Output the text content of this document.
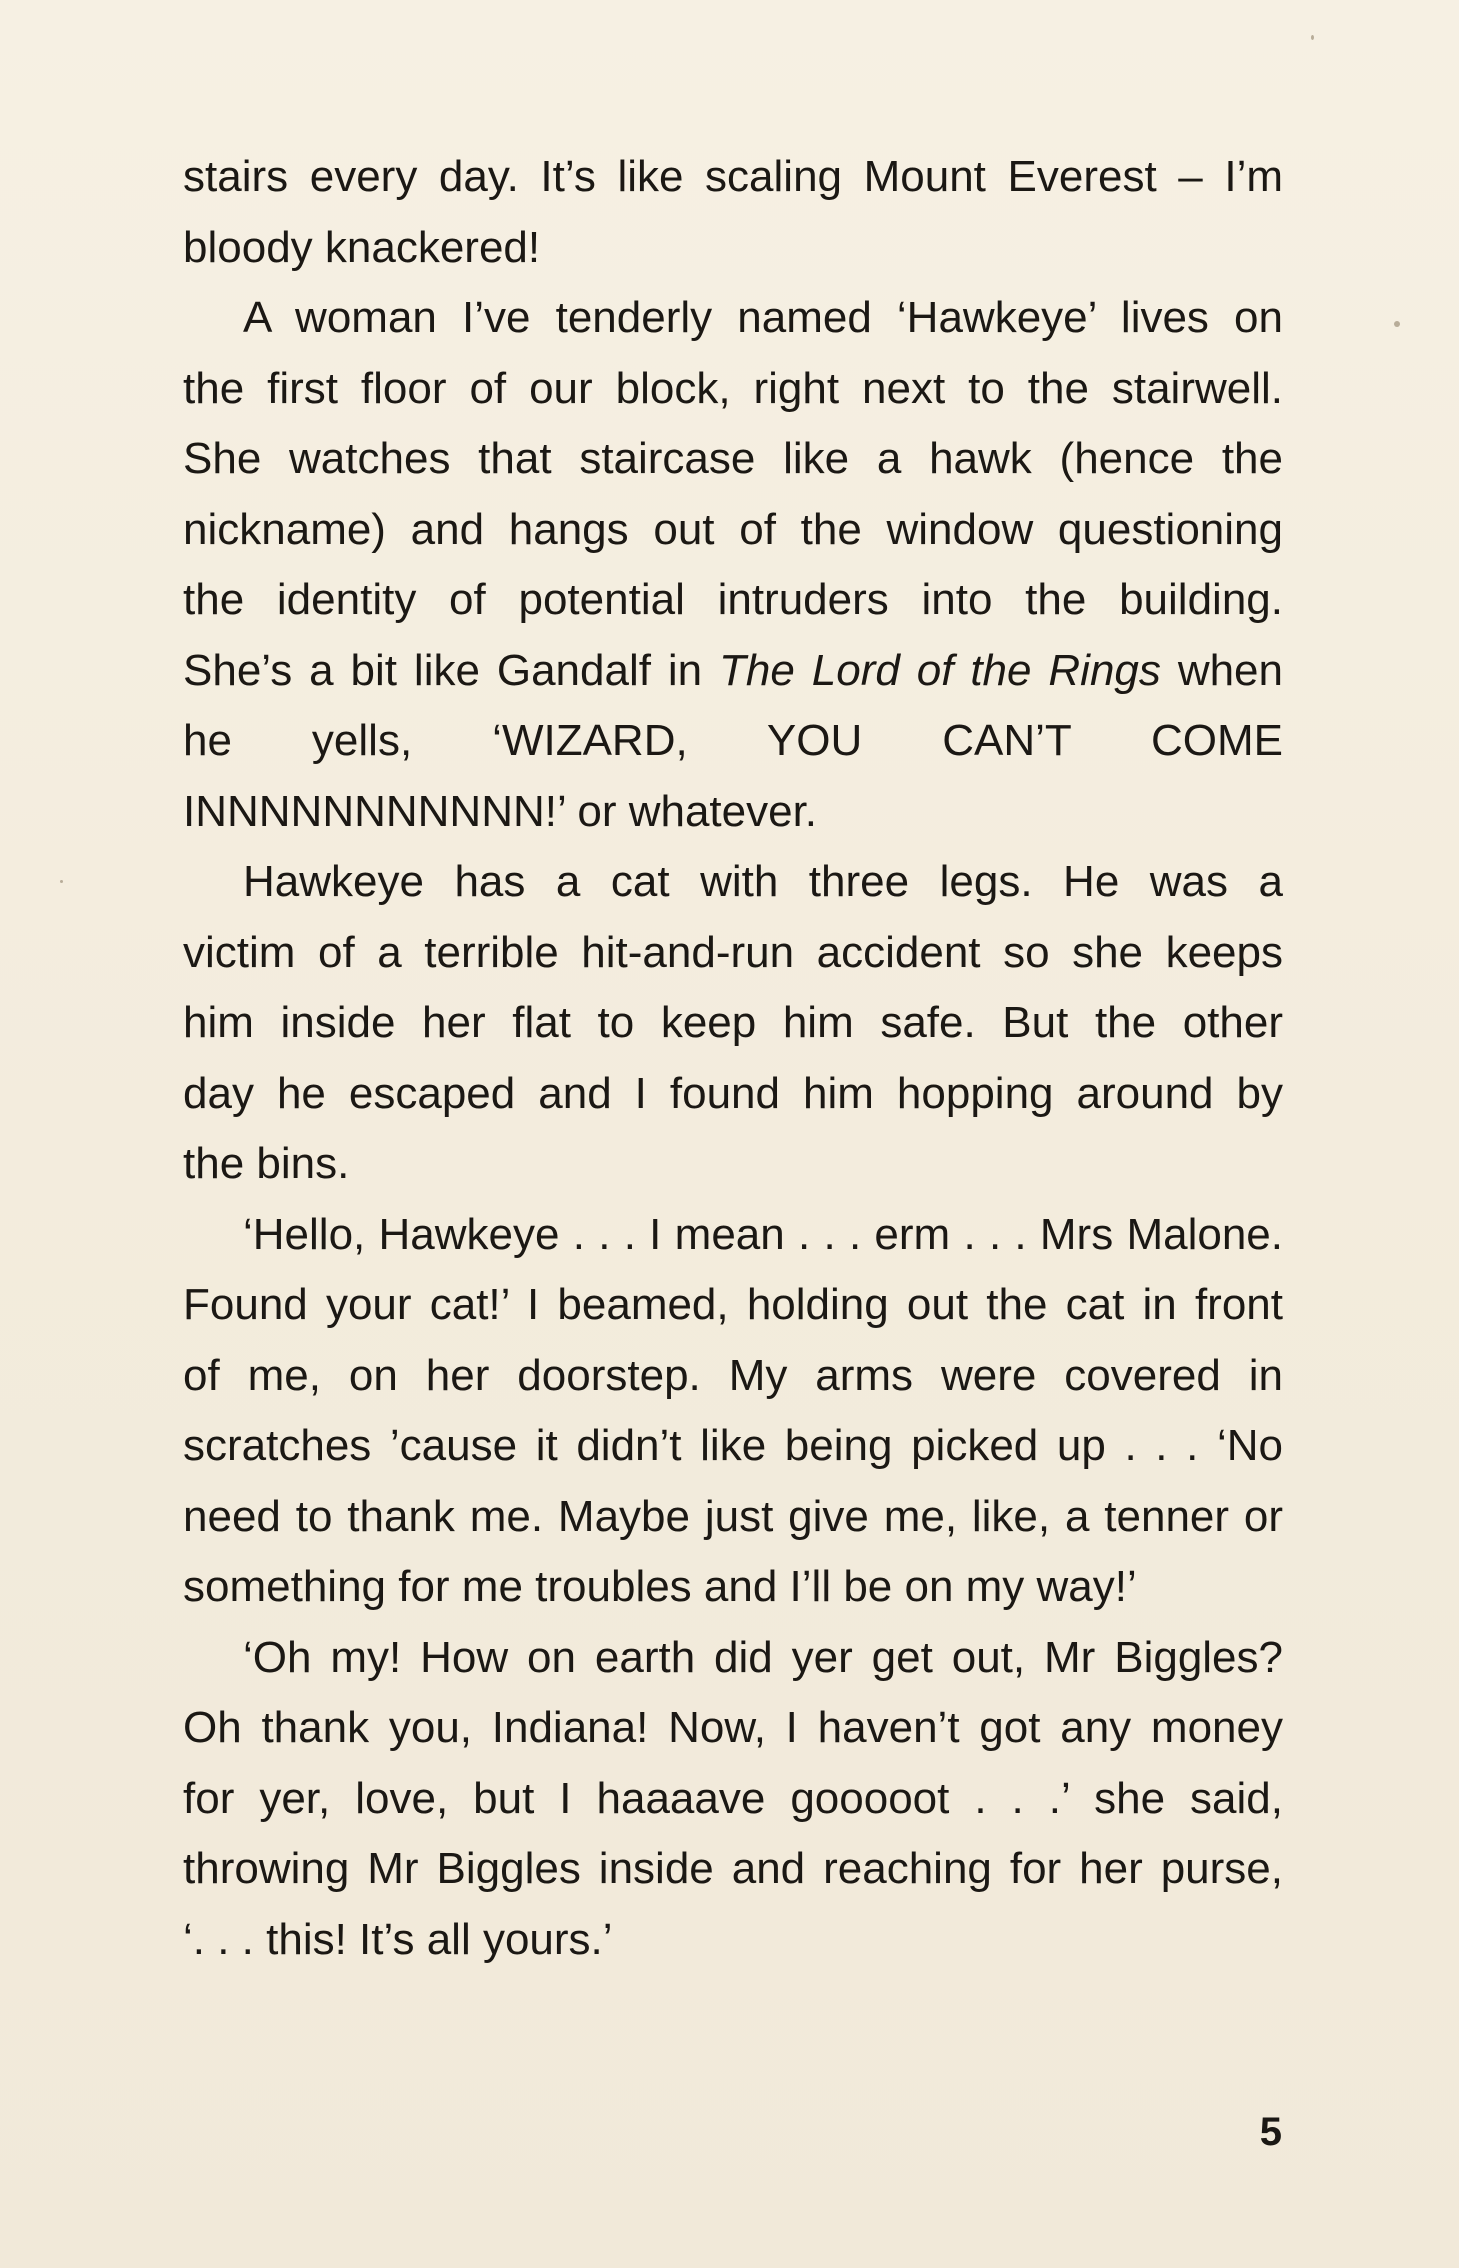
stairs every day. It’s like scaling Mount Everest – I’m
bloody knackered!
A woman I’ve tenderly named ‘Hawkeye’ lives on
the first floor of our block, right next to the stairwell.
She watches that staircase like a hawk (hence the
nickname) and hangs out of the window questioning
the identity of potential intruders into the building.
She’s a bit like Gandalf in The Lord of the Rings when
he yells, ‘WIZARD, YOU CAN’T COME
INNNNNNNNNNN!’ or whatever.
Hawkeye has a cat with three legs. He was a
victim of a terrible hit-and-run accident so she keeps
him inside her flat to keep him safe. But the other
day he escaped and I found him hopping around by
the bins.
‘Hello, Hawkeye . . . I mean . . . erm . . . Mrs Malone.
Found your cat!’ I beamed, holding out the cat in front
of me, on her doorstep. My arms were covered in
scratches ’cause it didn’t like being picked up . . . ‘No
need to thank me. Maybe just give me, like, a tenner or
something for me troubles and I’ll be on my way!’
‘Oh my! How on earth did yer get out, Mr Biggles?
Oh thank you, Indiana! Now, I haven’t got any money
for yer, love, but I haaaave gooooot . . .’ she said,
throwing Mr Biggles inside and reaching for her purse,
‘. . . this! It’s all yours.’
5
